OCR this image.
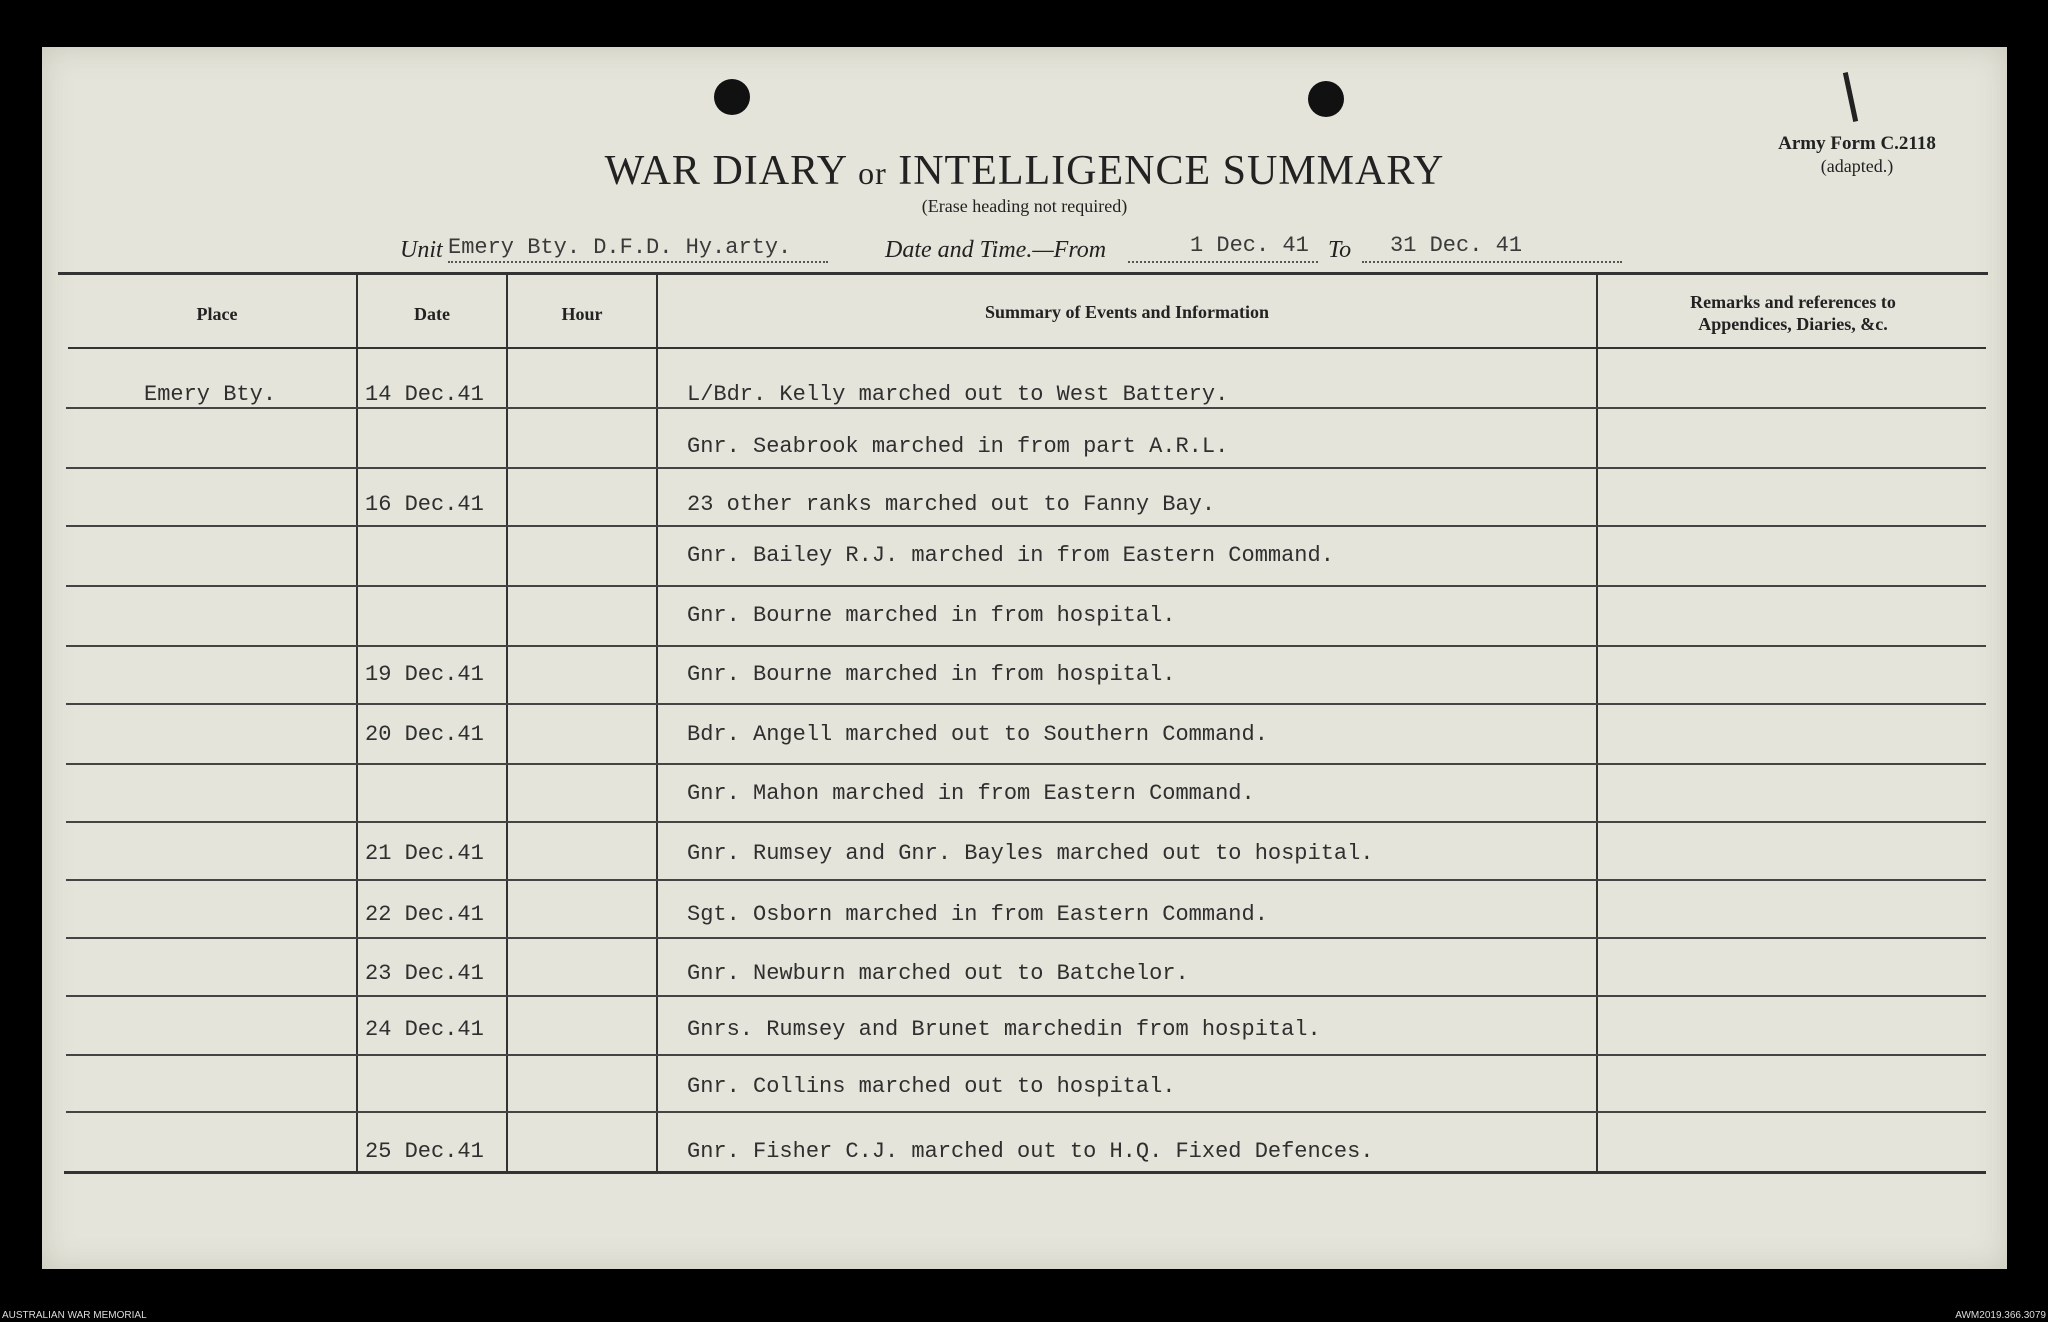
WAR DIARY or INTELLIGENCE SUMMARY
(Erase heading not required)
Army Form C.2118
(adapted.)
Unit Emery Bty. D.F.D. Hy.arty.	Date and Time.—From	1 Dec. 41 To 31 Dec. 41
Place	Date	Hour	Summary of Events and Information	Remarks and references to
Appendices, Diaries, &c.
Emery Bty.	14 Dec.41	L/Bdr. Kelly marched out to West Battery.
Gnr. Seabrook marched in from part A.R.L.
16 Dec.41	23 other ranks marched out to Fanny Bay.
Gnr. Bailey R.J. marched in from Eastern Command.
Gnr. Bourne marched in from hospital.
19 Dec.41	Gnr. Bourne marched in from hospital.
20 Dec.41	Bdr. Angell marched out to Southern Command.
Gnr. Mahon marched in from Eastern Command.
21 Dec.41	Gnr. Rumsey and Gnr. Bayles marched out to hospital.
22 Dec.41	Sgt. Osborn marched in from Eastern Command.
23 Dec.41	Gnr. Newburn marched out to Batchelor.
24 Dec.41	Gnrs. Rumsey and Brunet marchedin from hospital.
Gnr. Collins marched out to hospital.
25 Dec.41	Gnr. Fisher C.J. marched out to H.Q. Fixed Defences.
AUSTRALIAN WAR MEMORIAL	AWM2019.366.3079
